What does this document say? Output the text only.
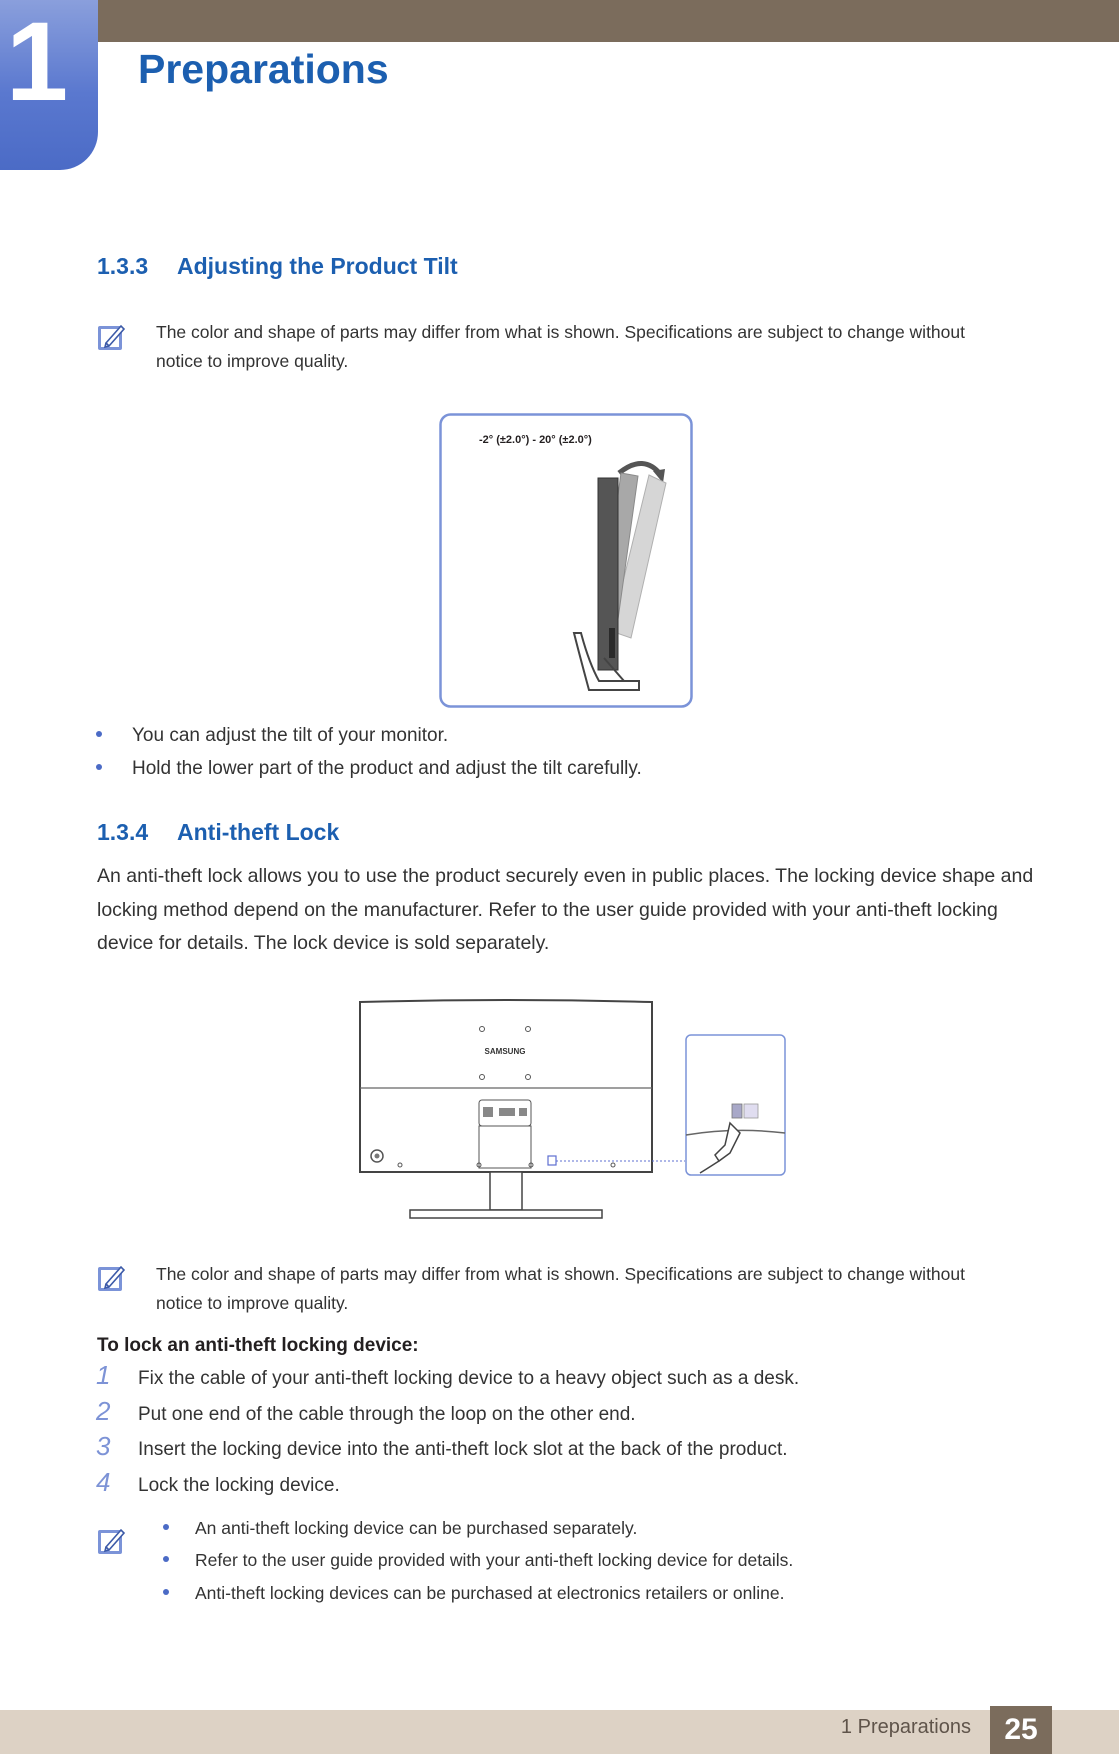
1 Preparations
1.3.3 Adjusting the Product Tilt
The color and shape of parts may differ from what is shown. Specifications are subject to change without notice to improve quality.
-2° (±2.0°) - 20° (±2.0°)
You can adjust the tilt of your monitor.
Hold the lower part of the product and adjust the tilt carefully.
1.3.4 Anti-theft Lock
An anti-theft lock allows you to use the product securely even in public places. The locking device shape and locking method depend on the manufacturer. Refer to the user guide provided with your anti-theft locking device for details. The lock device is sold separately.
SAMSUNG
The color and shape of parts may differ from what is shown. Specifications are subject to change without notice to improve quality.
To lock an anti-theft locking device:
1 Fix the cable of your anti-theft locking device to a heavy object such as a desk.
2 Put one end of the cable through the loop on the other end.
3 Insert the locking device into the anti-theft lock slot at the back of the product.
4 Lock the locking device.
An anti-theft locking device can be purchased separately.
Refer to the user guide provided with your anti-theft locking device for details.
Anti-theft locking devices can be purchased at electronics retailers or online.
1 Preparations	25
